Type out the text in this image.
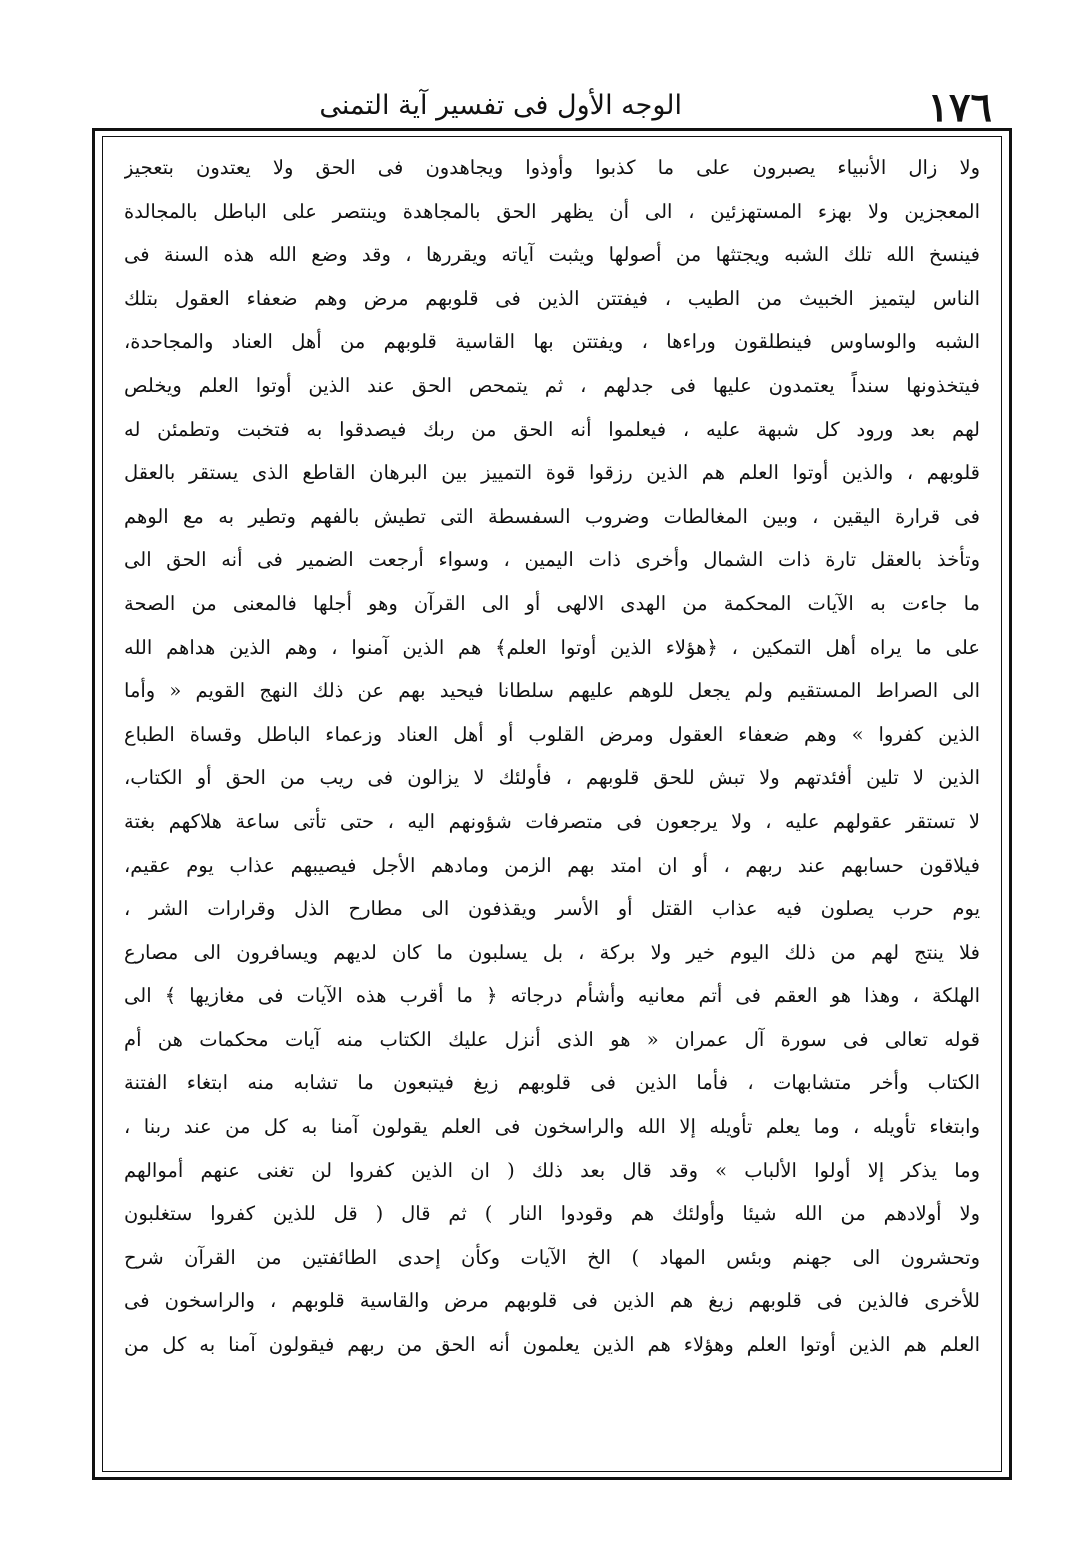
١٧٦
الوجه الأول فى تفسير آية التمنى
ولا زال الأنبياء يصبرون على ما كذبوا وأوذوا ويجاهدون فى الحق ولا يعتدون بتعجيز
المعجزين ولا بهزء المستهزئين ، الى أن يظهر الحق بالمجاهدة وينتصر على الباطل بالمجالدة
فينسخ الله تلك الشبه ويجتثها من أصولها ويثبت آياته ويقررها ، وقد وضع الله هذه السنة فى
الناس ليتميز الخبيث من الطيب ، فيفتتن الذين فى قلوبهم مرض وهم ضعفاء العقول بتلك
الشبه والوساوس فينطلقون وراءها ، ويفتتن بها القاسية قلوبهم من أهل العناد والمجاحدة،
فيتخذونها سنداً يعتمدون عليها فى جدلهم ، ثم يتمحص الحق عند الذين أوتوا العلم ويخلص
لهم بعد ورود كل شبهة عليه ، فيعلموا أنه الحق من ربك فيصدقوا به فتخبت وتطمئن له
قلوبهم ، والذين أوتوا العلم هم الذين رزقوا قوة التمييز بين البرهان القاطع الذى يستقر بالعقل
فى قرارة اليقين ، وبين المغالطات وضروب السفسطة التى تطيش بالفهم وتطير به مع الوهم
وتأخذ بالعقل تارة ذات الشمال وأخرى ذات اليمين ، وسواء أرجعت الضمير فى أنه الحق الى
ما جاءت به الآيات المحكمة من الهدى الالهى أو الى القرآن وهو أجلها فالمعنى من الصحة
على ما يراه أهل التمكين ، ﴿هؤلاء الذين أوتوا العلم﴾ هم الذين آمنوا ، وهم الذين هداهم الله
الى الصراط المستقيم ولم يجعل للوهم عليهم سلطانا فيحيد بهم عن ذلك النهج القويم « وأما
الذين كفروا » وهم ضعفاء العقول ومرض القلوب أو أهل العناد وزعماء الباطل وقساة الطباع
الذين لا تلين أفئدتهم ولا تبش للحق قلوبهم ، فأولئك لا يزالون فى ريب من الحق أو الكتاب،
لا تستقر عقولهم عليه ، ولا يرجعون فى متصرفات شؤونهم اليه ، حتى تأتى ساعة هلاكهم بغتة
فيلاقون حسابهم عند ربهم ، أو ان امتد بهم الزمن ومادهم الأجل فيصيبهم عذاب يوم عقيم،
يوم حرب يصلون فيه عذاب القتل أو الأسر ويقذفون الى مطارح الذل وقرارات الشر ،
فلا ينتج لهم من ذلك اليوم خير ولا بركة ، بل يسلبون ما كان لديهم ويسافرون الى مصارع
الهلكة ، وهذا هو العقم فى أتم معانيه وأشأم درجاته ﴿ ما أقرب هذه الآيات فى مغازيها ﴾ الى
قوله تعالى فى سورة آل عمران « هو الذى أنزل عليك الكتاب منه آيات محكمات هن أم
الكتاب وأخر متشابهات ، فأما الذين فى قلوبهم زيغ فيتبعون ما تشابه منه ابتغاء الفتنة
وابتغاء تأويله ، وما يعلم تأويله إلا الله والراسخون فى العلم يقولون آمنا به كل من عند ربنا ،
وما يذكر إلا أولوا الألباب » وقد قال بعد ذلك ( ان الذين كفروا لن تغنى عنهم أموالهم
ولا أولادهم من الله شيئا وأولئك هم وقودوا النار ) ثم قال ( قل للذين كفروا ستغلبون
وتحشرون الى جهنم وبئس المهاد ) الخ الآيات وكأن إحدى الطائفتين من القرآن شرح
للأخرى فالذين فى قلوبهم زيغ هم الذين فى قلوبهم مرض والقاسية قلوبهم ، والراسخون فى
العلم هم الذين أوتوا العلم وهؤلاء هم الذين يعلمون أنه الحق من ربهم فيقولون آمنا به كل من
